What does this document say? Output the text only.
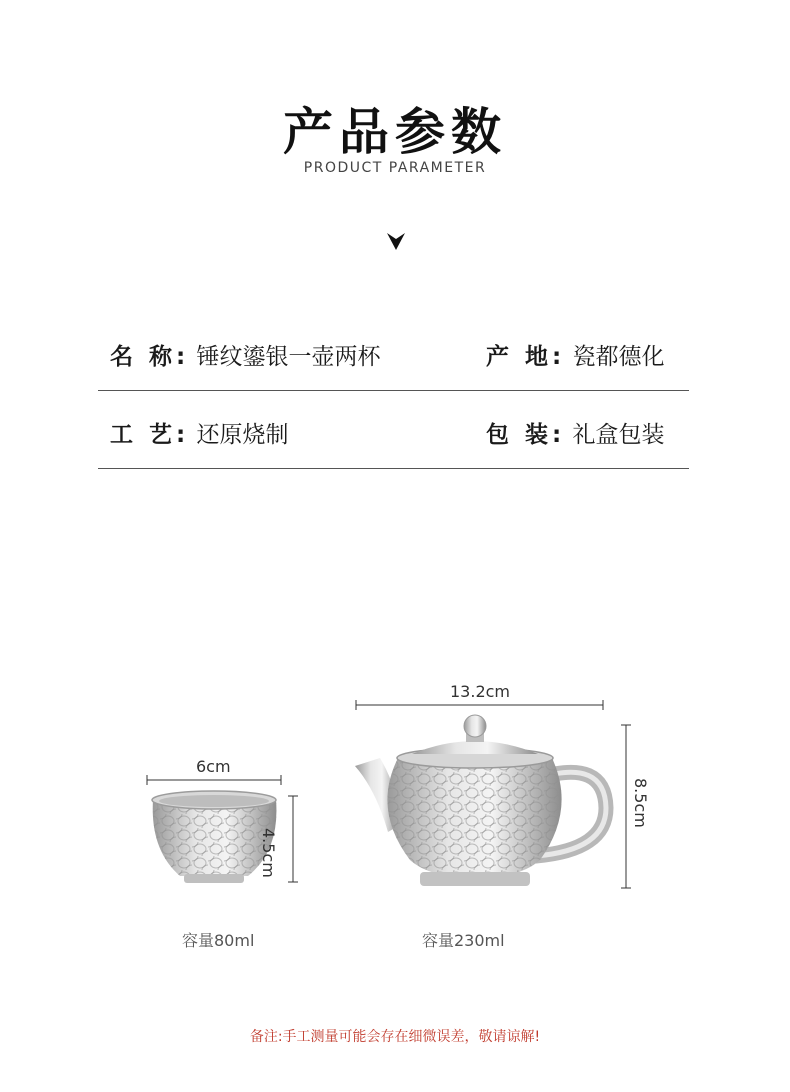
产品参数
PRODUCT PARAMETER
名 称: 锤纹鎏银一壶两杯	产 地: 瓷都德化
工 艺: 还原烧制	包 装: 礼盒包装
6cm
4.5cm
13.2cm
8.5cm
容量80ml	容量230ml
备注:手工测量可能会存在细微误差，敬请谅解!
